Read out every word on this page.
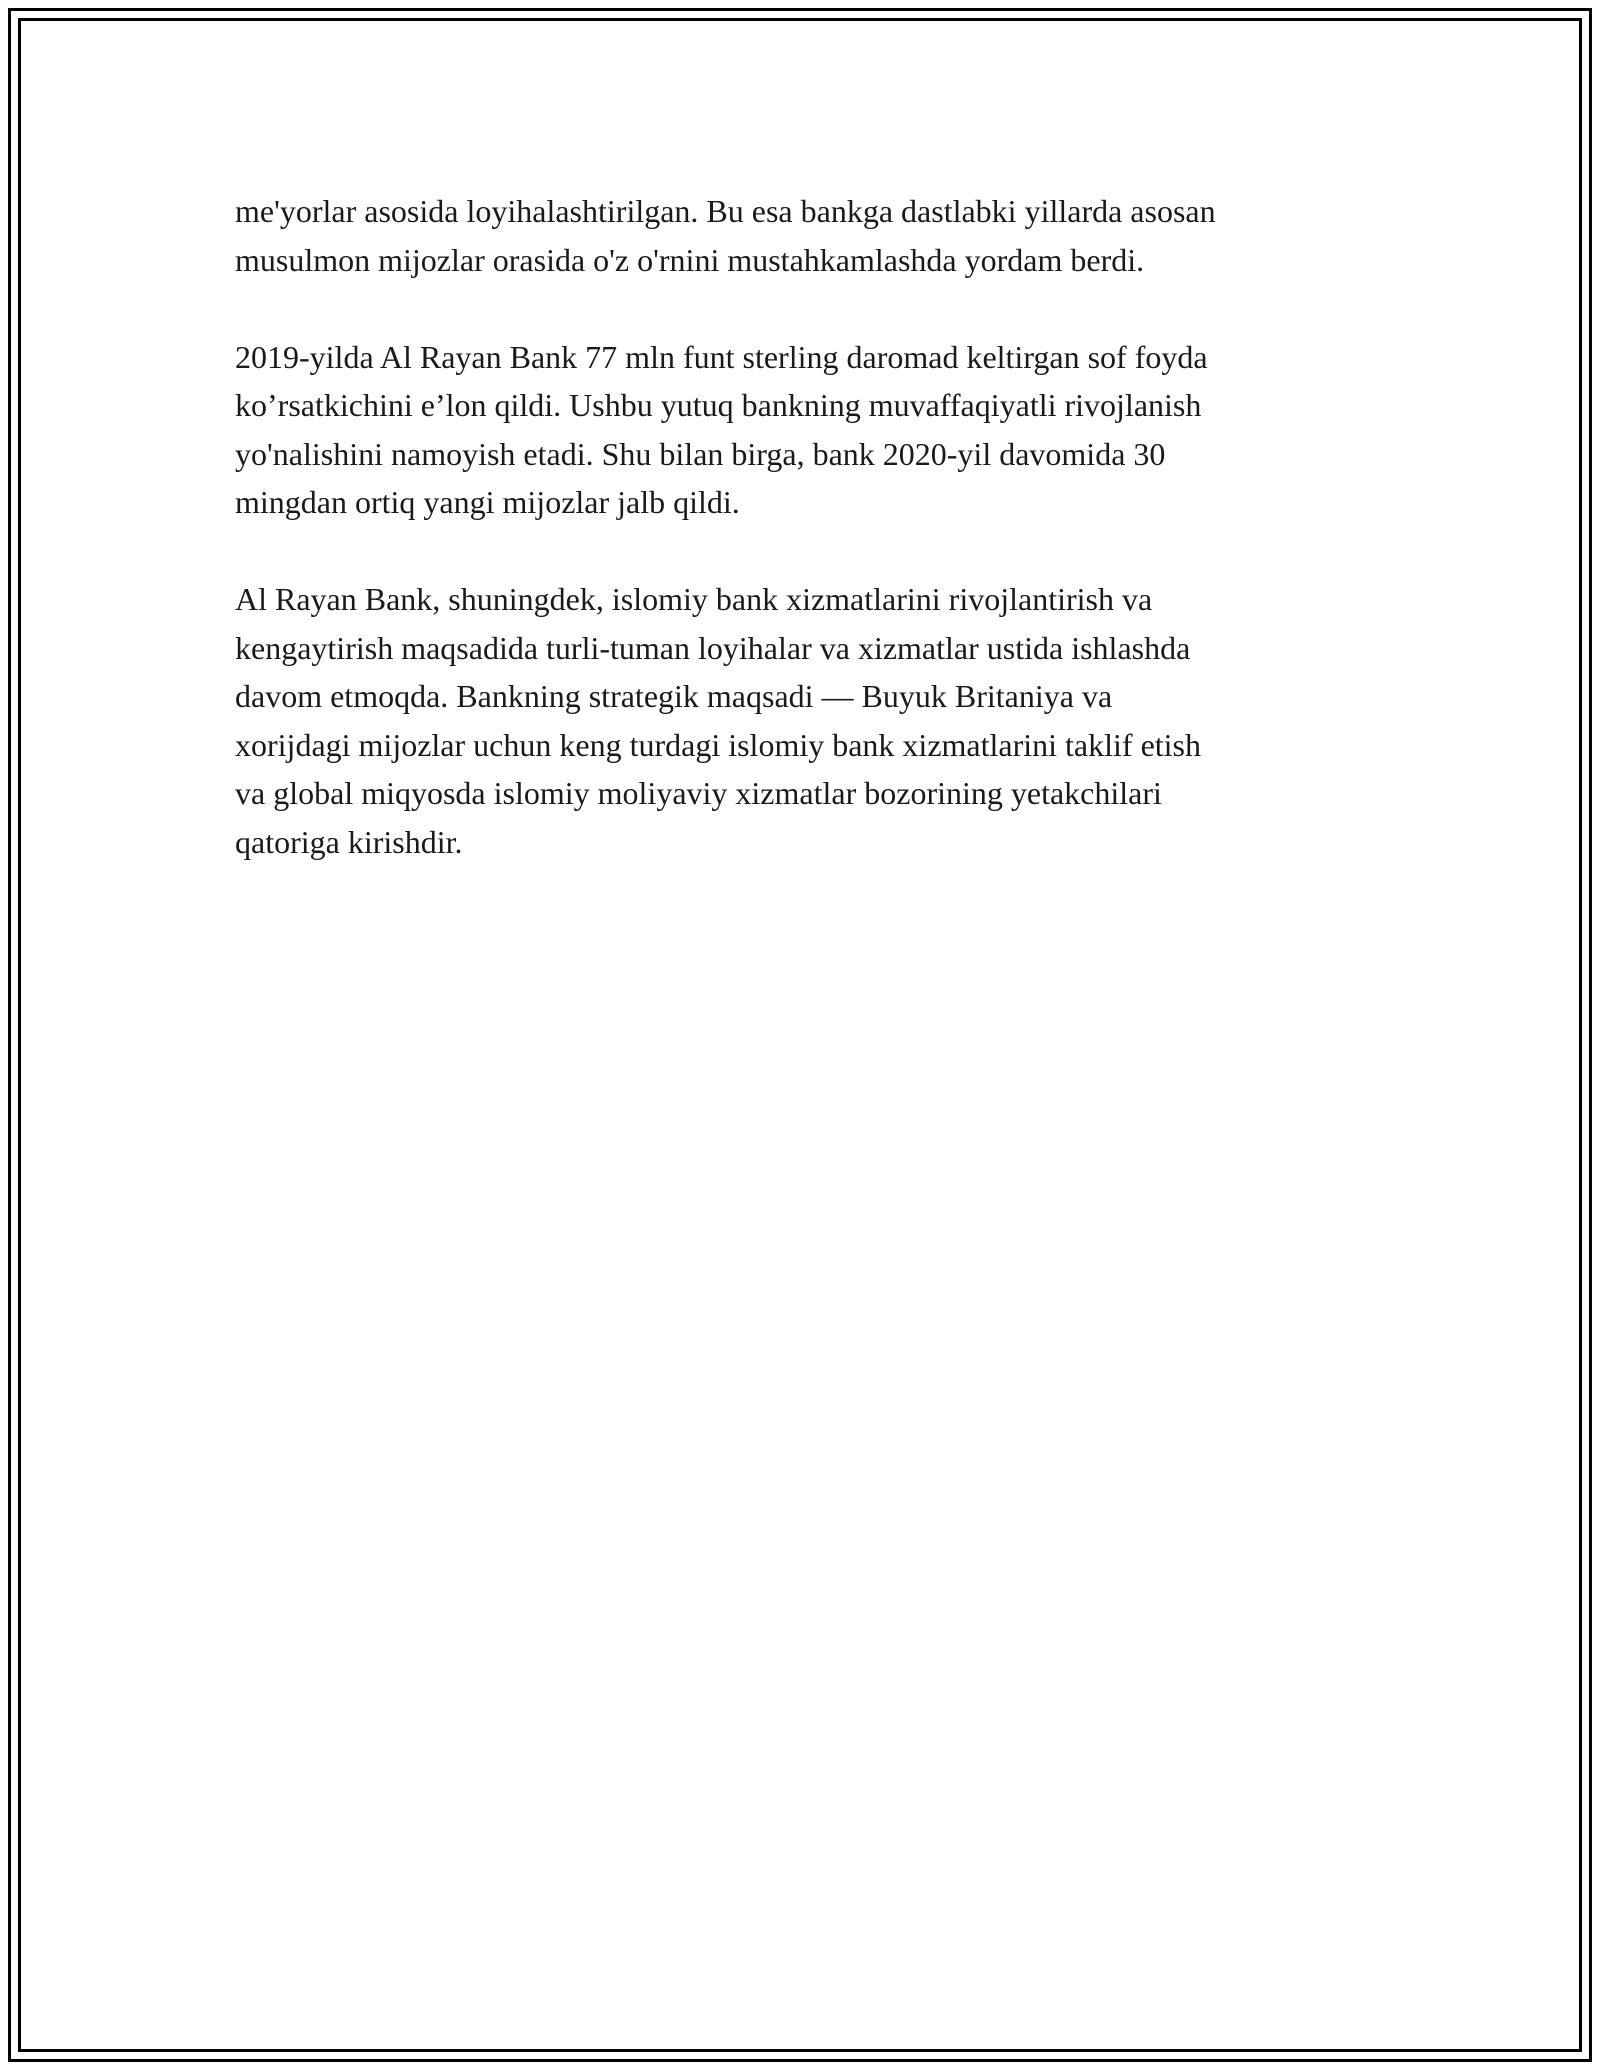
me'yorlar asosida loyihalashtirilgan. Bu esa bankga dastlabki yillarda asosan
musulmon mijozlar orasida o'z o'rnini mustahkamlashda yordam berdi.

2019-yilda Al Rayan Bank 77 mln funt sterling daromad keltirgan sof foyda
ko’rsatkichini e’lon qildi. Ushbu yutuq bankning muvaffaqiyatli rivojlanish
yo'nalishini namoyish etadi. Shu bilan birga, bank 2020-yil davomida 30
mingdan ortiq yangi mijozlar jalb qildi.

Al Rayan Bank, shuningdek, islomiy bank xizmatlarini rivojlantirish va
kengaytirish maqsadida turli-tuman loyihalar va xizmatlar ustida ishlashda
davom etmoqda. Bankning strategik maqsadi — Buyuk Britaniya va
xorijdagi mijozlar uchun keng turdagi islomiy bank xizmatlarini taklif etish
va global miqyosda islomiy moliyaviy xizmatlar bozorining yetakchilari
qatoriga kirishdir.
